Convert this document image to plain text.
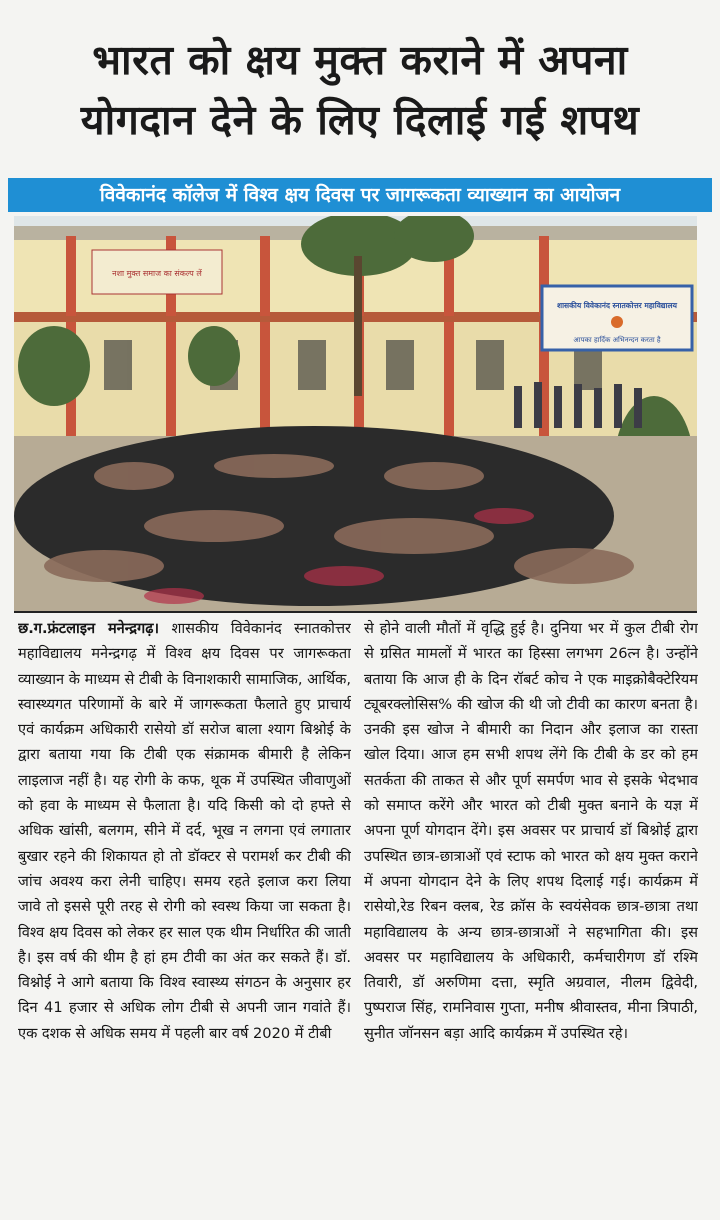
भारत को क्षय मुक्त कराने में अपना
योगदान देने के लिए दिलाई गई शपथ
विवेकानंद कॉलेज में विश्व क्षय दिवस पर जागरूकता व्याख्यान का आयोजन
नशा मुक्त समाज का संकल्प लें
शासकीय विवेकानंद स्नातकोत्तर महाविद्यालय
आपका हार्दिक अभिनन्दन करता है
छ.ग.फ्रंटलाइन मनेन्द्रगढ़। शासकीय विवेकानंद स्नातकोत्तर महाविद्यालय मनेन्द्रगढ़ में विश्व क्षय दिवस पर जागरूकता व्याख्यान के माध्यम से टीबी के विनाशकारी सामाजिक, आर्थिक, स्वास्थ्यगत परिणामों के बारे में जागरूकता फैलाते हुए प्राचार्य एवं कार्यक्रम अधिकारी रासेयो डॉ सरोज बाला श्याग बिश्नोई के द्वारा बताया गया कि टीबी एक संक्रामक बीमारी है लेकिन लाइलाज नहीं है। यह रोगी के कफ, थूक में उपस्थित जीवाणुओं को हवा के माध्यम से फैलाता है। यदि किसी को दो हफ्ते से अधिक खांसी, बलगम, सीने में दर्द, भूख न लगना एवं लगातार बुखार रहने की शिकायत हो तो डॉक्टर से परामर्श कर टीबी की जांच अवश्य करा लेनी चाहिए। समय रहते इलाज करा लिया जावे तो इससे पूरी तरह से रोगी को स्वस्थ किया जा सकता है। विश्व क्षय दिवस को लेकर हर साल एक थीम निर्धारित की जाती है। इस वर्ष की थीम है हां हम टीवी का अंत कर सकते हैं। डॉ. विश्नोई ने आगे बताया कि विश्व स्वास्थ्य संगठन के अनुसार हर दिन 41 हजार से अधिक लोग टीबी से अपनी जान गवांते हैं। एक दशक से अधिक समय में पहली बार वर्ष 2020 में टीबी
से होने वाली मौतों में वृद्धि हुई है। दुनिया भर में कुल टीबी रोग से ग्रसित मामलों में भारत का हिस्सा लगभग 26त्न है। उन्होंने बताया कि आज ही के दिन रॉबर्ट कोच ने एक माइक्रोबैक्टेरियम ट्यूबरक्लोसिस% की खोज की थी जो टीवी का कारण बनता है। उनकी इस खोज ने बीमारी का निदान और इलाज का रास्ता खोल दिया। आज हम सभी शपथ लेंगे कि टीबी के डर को हम सतर्कता की ताकत से और पूर्ण समर्पण भाव से इसके भेदभाव को समाप्त करेंगे और भारत को टीबी मुक्त बनाने के यज्ञ में अपना पूर्ण योगदान देंगे। इस अवसर पर प्राचार्य डॉ बिश्नोई द्वारा उपस्थित छात्र-छात्राओं एवं स्टाफ को भारत को क्षय मुक्त कराने में अपना योगदान देने के लिए शपथ दिलाई गई। कार्यक्रम में रासेयो,रेड रिबन क्लब, रेड क्रॉस के स्वयंसेवक छात्र-छात्रा तथा महाविद्यालय के अन्य छात्र-छात्राओं ने सहभागिता की। इस अवसर पर महाविद्यालय के अधिकारी, कर्मचारीगण डॉ रश्मि तिवारी, डॉ अरुणिमा दत्ता, स्मृति अग्रवाल, नीलम द्विवेदी, पुष्पराज सिंह, रामनिवास गुप्ता, मनीष श्रीवास्तव, मीना त्रिपाठी, सुनीत जॉनसन बड़ा आदि कार्यक्रम में उपस्थित रहे।
